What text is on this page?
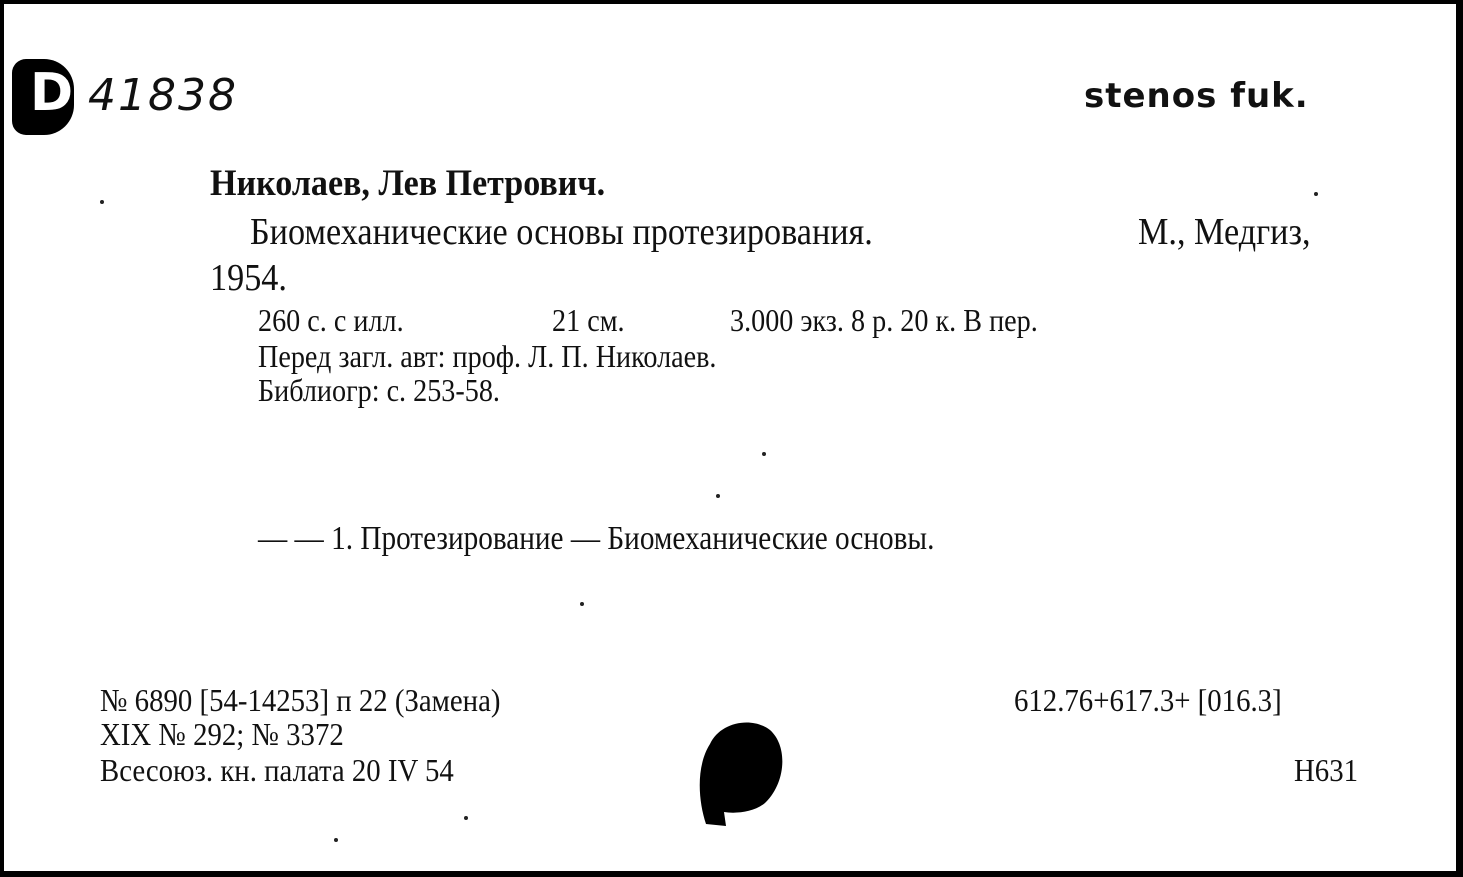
D 41838	stenos fuk.
Николаев, Лев Петрович.
Биомеханические основы протезирования.	М., Медгиз,
1954.
260 с. с илл.	21 см.	3.000 экз. 8 р. 20 к. В пер.
Перед загл. авт: проф. Л. П. Николаев.
Библиогр: с. 253-58.
— — 1. Протезирование — Биомеханические основы.
№ 6890 [54-14253] п 22 (Замена)
XIX № 292; № 3372
Всесоюз. кн. палата 20 IV 54
612.76+617.3+ [016.3]
Н631
